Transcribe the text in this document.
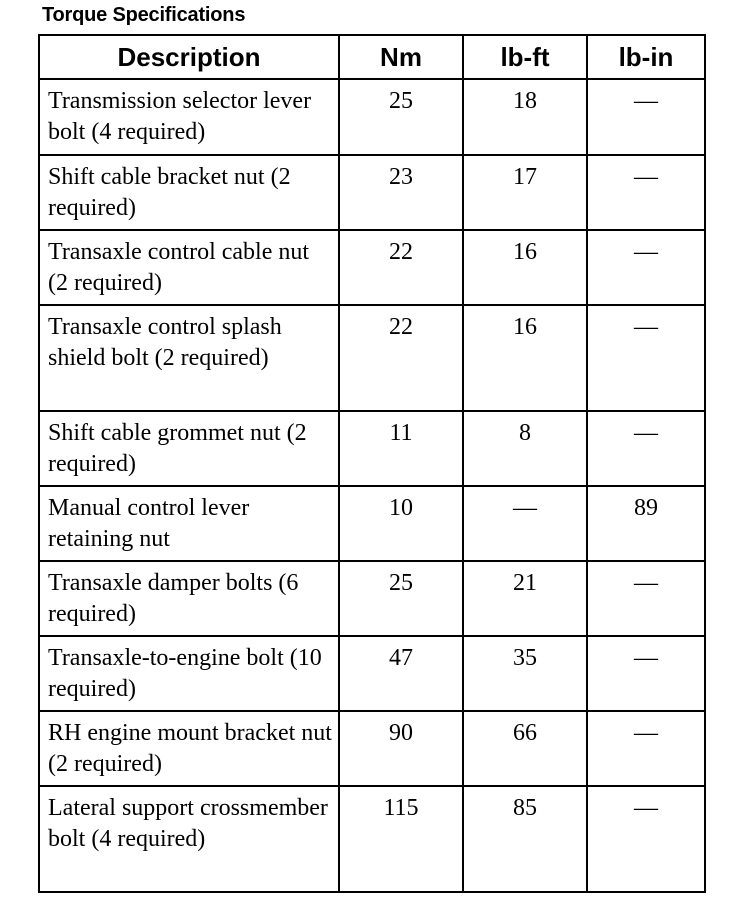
Torque Specifications
Description	Nm	lb-ft	lb-in
Transmission selector lever bolt (4 required)	25	18	—
Shift cable bracket nut (2 required)	23	17	—
Transaxle control cable nut (2 required)	22	16	—
Transaxle control splash shield bolt (2 required)	22	16	—
Shift cable grommet nut (2 required)	11	8	—
Manual control lever retaining nut	10	—	89
Transaxle damper bolts (6 required)	25	21	—
Transaxle-to-engine bolt (10 required)	47	35	—
RH engine mount bracket nut (2 required)	90	66	—
Lateral support crossmember bolt (4 required)	115	85	—
